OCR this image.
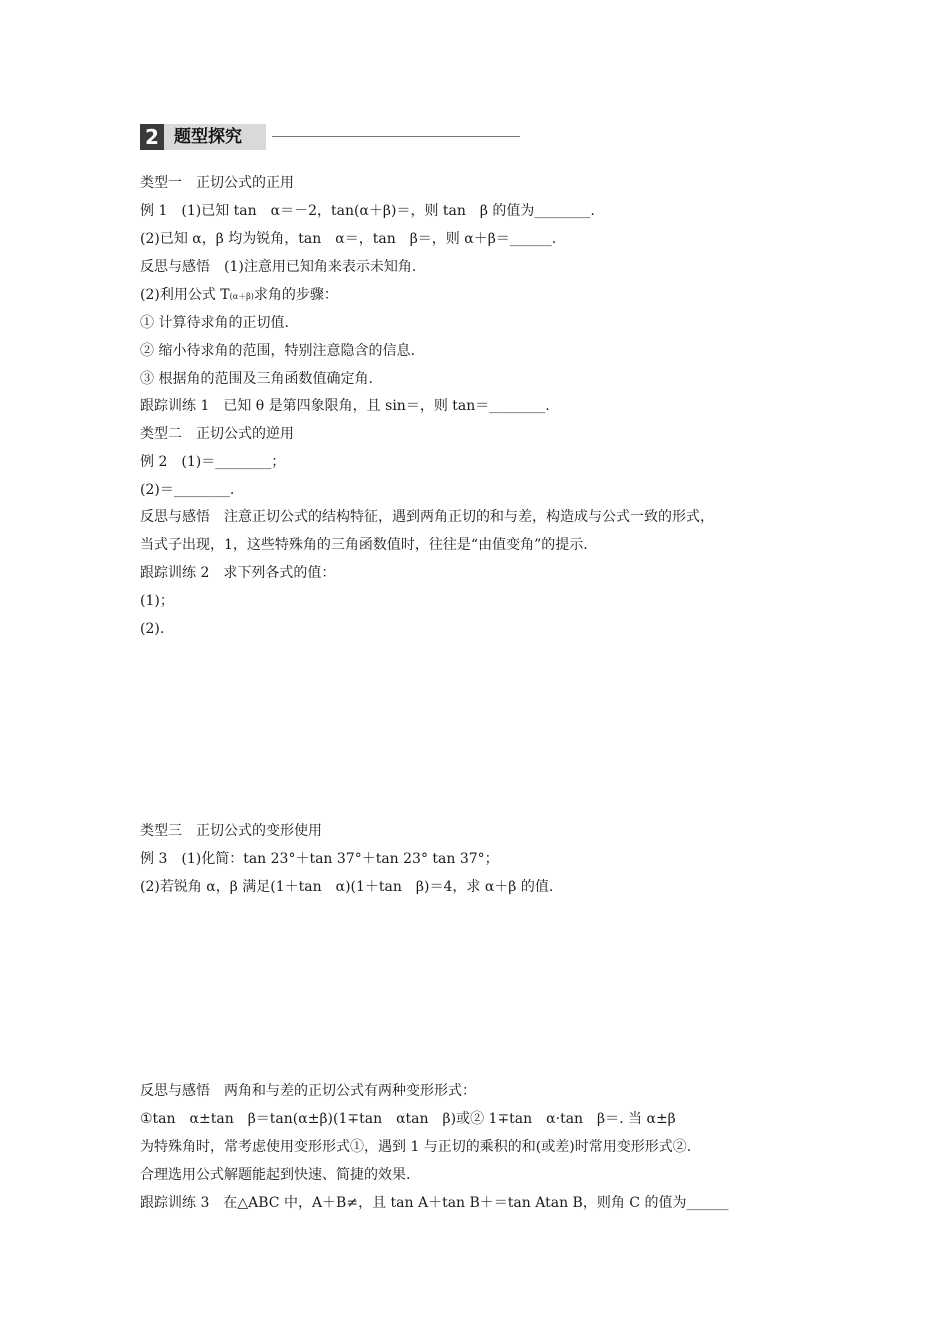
2 题型探究
类型一　正切公式的正用
例 1　(1)已知 tan　α＝－2，tan(α＋β)＝，则 tan　β 的值为________.
(2)已知 α，β 均为锐角，tan　α＝，tan　β＝，则 α＋β＝______.
反思与感悟　(1)注意用已知角来表示未知角.
(2)利用公式 T(α＋β)求角的步骤：
① 计算待求角的正切值.
② 缩小待求角的范围，特别注意隐含的信息.
③ 根据角的范围及三角函数值确定角.
跟踪训练 1　已知 θ 是第四象限角，且 sin＝，则 tan＝________.
类型二　正切公式的逆用
例 2　(1)＝________；
(2)＝________.
反思与感悟　注意正切公式的结构特征，遇到两角正切的和与差，构造成与公式一致的形式，
当式子出现，1，这些特殊角的三角函数值时，往往是“由值变角”的提示.
跟踪训练 2　求下列各式的值：
(1)；
(2).
类型三　正切公式的变形使用
例 3　(1)化简：tan 23°＋tan 37°＋tan 23° tan 37°；
(2)若锐角 α，β 满足(1＋tan　α)(1＋tan　β)＝4，求 α＋β 的值.
反思与感悟　两角和与差的正切公式有两种变形形式：
①tan　α±tan　β＝tan(α±β)(1∓tan　αtan　β)或② 1∓tan　α·tan　β＝. 当 α±β
为特殊角时，常考虑使用变形形式①，遇到 1 与正切的乘积的和(或差)时常用变形形式②.
合理选用公式解题能起到快速、简捷的效果.
跟踪训练 3　在△ABC 中，A＋B≠，且 tan A＋tan B＋＝tan Atan B，则角 C 的值为______
